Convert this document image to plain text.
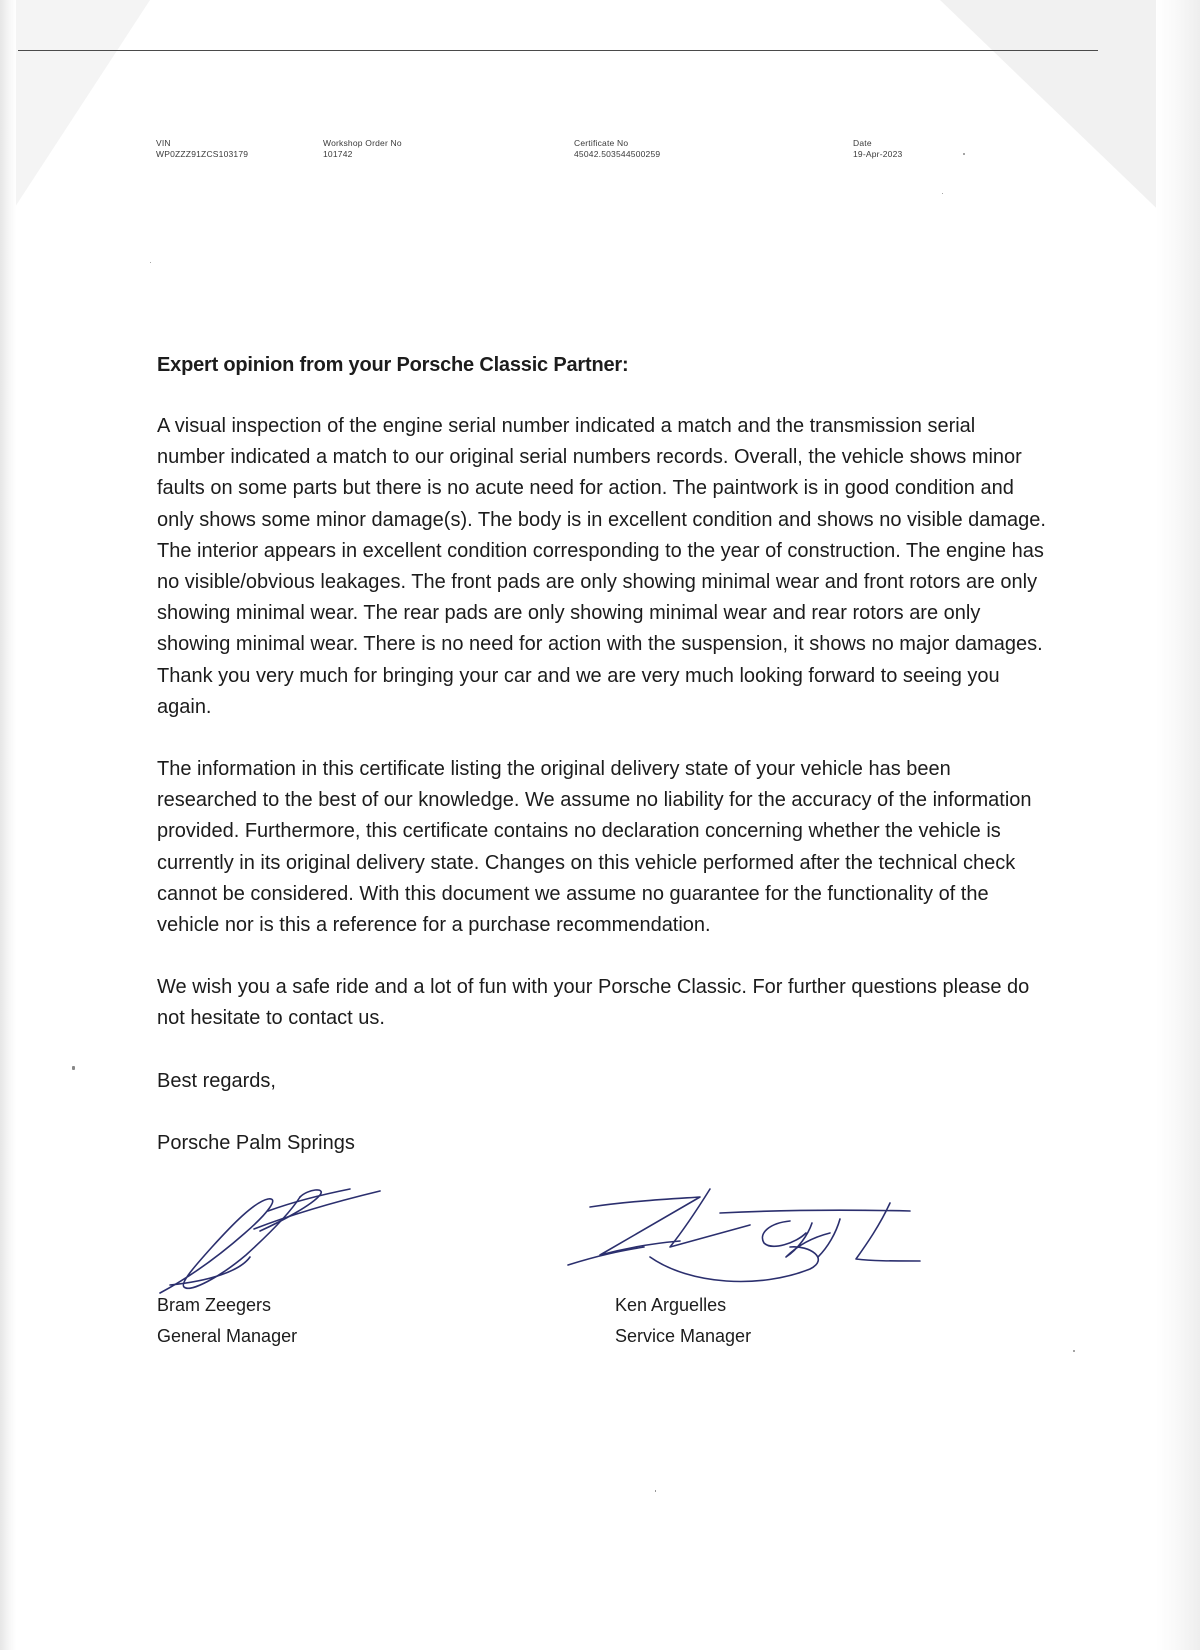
VIN
WP0ZZZ91ZCS103179
Workshop Order No
101742
Certificate No
45042.503544500259
Date
19-Apr-2023
Expert opinion from your Porsche Classic Partner:

A visual inspection of the engine serial number indicated a match and the transmission serial number indicated a match to our original serial numbers records. Overall, the vehicle shows minor faults on some parts but there is no acute need for action. The paintwork is in good condition and only shows some minor damage(s). The body is in excellent condition and shows no visible damage. The interior appears in excellent condition corresponding to the year of construction. The engine has no visible/obvious leakages. The front pads are only showing minimal wear and front rotors are only showing minimal wear. The rear pads are only showing minimal wear and rear rotors are only showing minimal wear. There is no need for action with the suspension, it shows no major damages. Thank you very much for bringing your car and we are very much looking forward to seeing you again.

The information in this certificate listing the original delivery state of your vehicle has been researched to the best of our knowledge. We assume no liability for the accuracy of the information provided. Furthermore, this certificate contains no declaration concerning whether the vehicle is currently in its original delivery state. Changes on this vehicle performed after the technical check cannot be considered. With this document we assume no guarantee for the functionality of the vehicle nor is this a reference for a purchase recommendation.

We wish you a safe ride and a lot of fun with your Porsche Classic. For further questions please do not hesitate to contact us.

Best regards,

Porsche Palm Springs

Bram Zeegers
General Manager
Ken Arguelles
Service Manager
